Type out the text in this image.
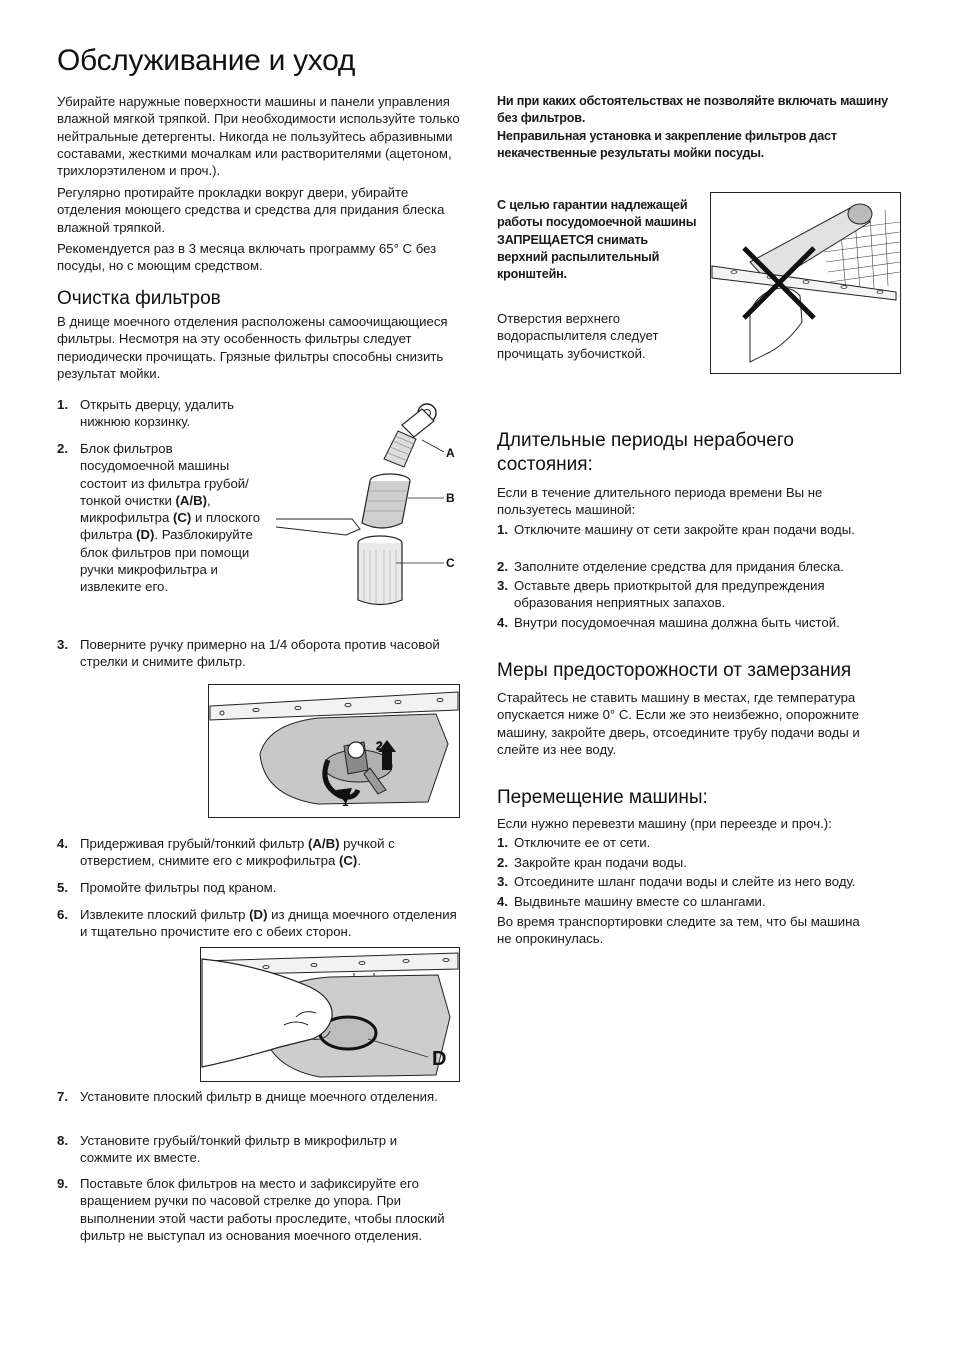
Обслуживание и уход

Убирайте наружные поверхности машины и панели управления влажной мягкой тряпкой. При необходимости используйте только нейтральные детергенты. Никогда не пользуйтесь абразивными составами, жесткими мочалкам или растворителями (ацетоном, трихлорэтиленом и проч.).

Регулярно протирайте прокладки вокруг двери, убирайте отделения моющего средства и средства для придания блеска влажной тряпкой.

Рекомендуется раз в 3 месяца включать программу 65° С без посуды, но с моющим средством.

Очистка фильтров

В днище моечного отделения расположены самоочищающиеся фильтры. Несмотря на эту особенность фильтры следует периодически прочищать. Грязные фильтры способны снизить результат мойки.

1. Открыть дверцу, удалить нижнюю корзинку.
2. Блок фильтров посудомоечной машины состоит из фильтра грубой/тонкой очистки (A/B), микрофильтра (C) и плоского фильтра (D). Разблокируйте блок фильтров при помощи ручки микрофильтра и извлеките его.
A
B
C
3. Поверните ручку примерно на 1/4 оборота против часовой стрелки и снимите фильтр.
2
1
4. Придерживая грубый/тонкий фильтр (A/B) ручкой с отверстием, снимите его с микрофильтра (C).
5. Промойте фильтры под краном.
6. Извлеките плоский фильтр (D) из днища моечного отделения и тщательно прочистите его с обеих сторон.
D
7. Установите плоский фильтр в днище моечного отделения.
8. Установите грубый/тонкий фильтр в микрофильтр и сожмите их вместе.
9. Поставьте блок фильтров на место и зафиксируйте его вращением ручки по часовой стрелке до упора. При выполнении этой части работы проследите, чтобы плоский фильтр не выступал из основания моечного отделения.

Ни при каких обстоятельствах не позволяйте включать машину без фильтров.

Неправильная установка и закрепление фильтров даст некачественные результаты мойки посуды.

С целью гарантии надлежащей работы посудомоечной машины ЗАПРЕЩАЕТСЯ снимать верхний распылительный кронштейн.

Отверстия верхнего водораспылителя следует прочищать зубочисткой.

Длительные периоды нерабочего состояния:

Если в течение длительного периода времени Вы не пользуетесь машиной:

1. Отключите машину от сети закройте кран подачи воды.
2. Заполните отделение средства для придания блеска.
3. Оставьте дверь приоткрытой для предупреждения образования неприятных запахов.
4. Внутри посудомоечная машина должна быть чистой.
Меры предосторожности от замерзания

Старайтесь не ставить машину в местах, где температура опускается ниже 0° С. Если же это неизбежно, опорожните машину, закройте дверь, отсоедините трубу подачи воды и слейте из нее воду.

Перемещение машины:

Если нужно перевезти машину (при переезде и проч.):

1. Отключите ее от сети.
2. Закройте кран подачи воды.
3. Отсоедините шланг подачи воды и слейте из него воду.
4. Выдвиньте машину вместе со шлангами.

Во время транспортировки следите за тем, что бы машина не опрокинулась.
